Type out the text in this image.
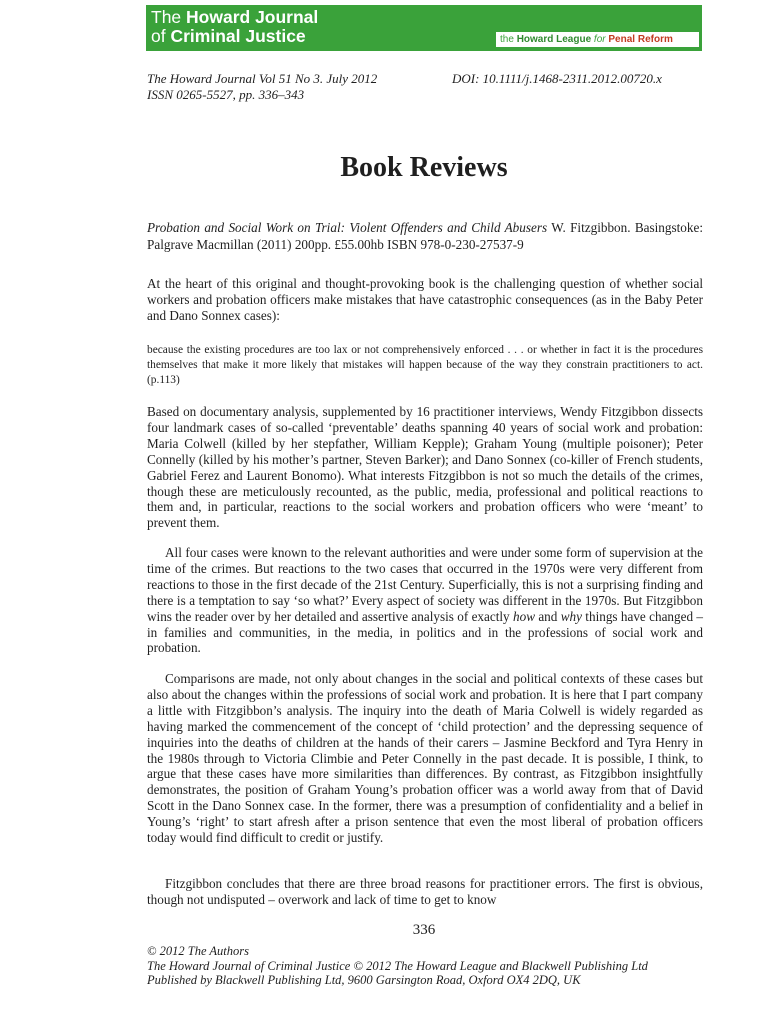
The Howard Journal
of Criminal Justice	the Howard League for Penal Reform
The Howard Journal Vol 51 No 3. July 2012
ISSN 0265-5527, pp. 336–343
DOI: 10.1111/j.1468-2311.2012.00720.x
Book Reviews

Probation and Social Work on Trial: Violent Offenders and Child Abusers W. Fitzgibbon. Basingstoke: Palgrave Macmillan (2011) 200pp. £55.00hb ISBN 978-0-230-27537-9

At the heart of this original and thought-provoking book is the challenging question of whether social workers and probation officers make mistakes that have catastrophic consequences (as in the Baby Peter and Dano Sonnex cases):

because the existing procedures are too lax or not comprehensively enforced . . . or whether in fact it is the procedures themselves that make it more likely that mistakes will happen because of the way they constrain practitioners to act. (p.113)

Based on documentary analysis, supplemented by 16 practitioner interviews, Wendy Fitzgibbon dissects four landmark cases of so-called ‘preventable’ deaths spanning 40 years of social work and probation: Maria Colwell (killed by her stepfather, William Kepple); Graham Young (multiple poisoner); Peter Connelly (killed by his mother’s partner, Steven Barker); and Dano Sonnex (co-killer of French students, Gabriel Ferez and Laurent Bonomo). What interests Fitzgibbon is not so much the details of the crimes, though these are meticulously recounted, as the public, media, professional and political reactions to them and, in particular, reactions to the social workers and probation officers who were ‘meant’ to prevent them.

All four cases were known to the relevant authorities and were under some form of supervision at the time of the crimes. But reactions to the two cases that occurred in the 1970s were very different from reactions to those in the first decade of the 21st Century. Superficially, this is not a surprising finding and there is a temptation to say ‘so what?’ Every aspect of society was different in the 1970s. But Fitzgibbon wins the reader over by her detailed and assertive analysis of exactly how and why things have changed – in families and communities, in the media, in politics and in the professions of social work and probation.

Comparisons are made, not only about changes in the social and political contexts of these cases but also about the changes within the professions of social work and probation. It is here that I part company a little with Fitzgibbon’s analysis. The inquiry into the death of Maria Colwell is widely regarded as having marked the commencement of the concept of ‘child protection’ and the depressing sequence of inquiries into the deaths of children at the hands of their carers – Jasmine Beckford and Tyra Henry in the 1980s through to Victoria Climbie and Peter Connelly in the past decade. It is possible, I think, to argue that these cases have more similarities than differences. By contrast, as Fitzgibbon insightfully demonstrates, the position of Graham Young’s probation officer was a world away from that of David Scott in the Dano Sonnex case. In the former, there was a presumption of confidentiality and a belief in Young’s ‘right’ to start afresh after a prison sentence that even the most liberal of probation officers today would find difficult to credit or justify.

Fitzgibbon concludes that there are three broad reasons for practitioner errors. The first is obvious, though not undisputed – overwork and lack of time to get to know

336
© 2012 The Authors
The Howard Journal of Criminal Justice © 2012 The Howard League and Blackwell Publishing Ltd
Published by Blackwell Publishing Ltd, 9600 Garsington Road, Oxford OX4 2DQ, UK
